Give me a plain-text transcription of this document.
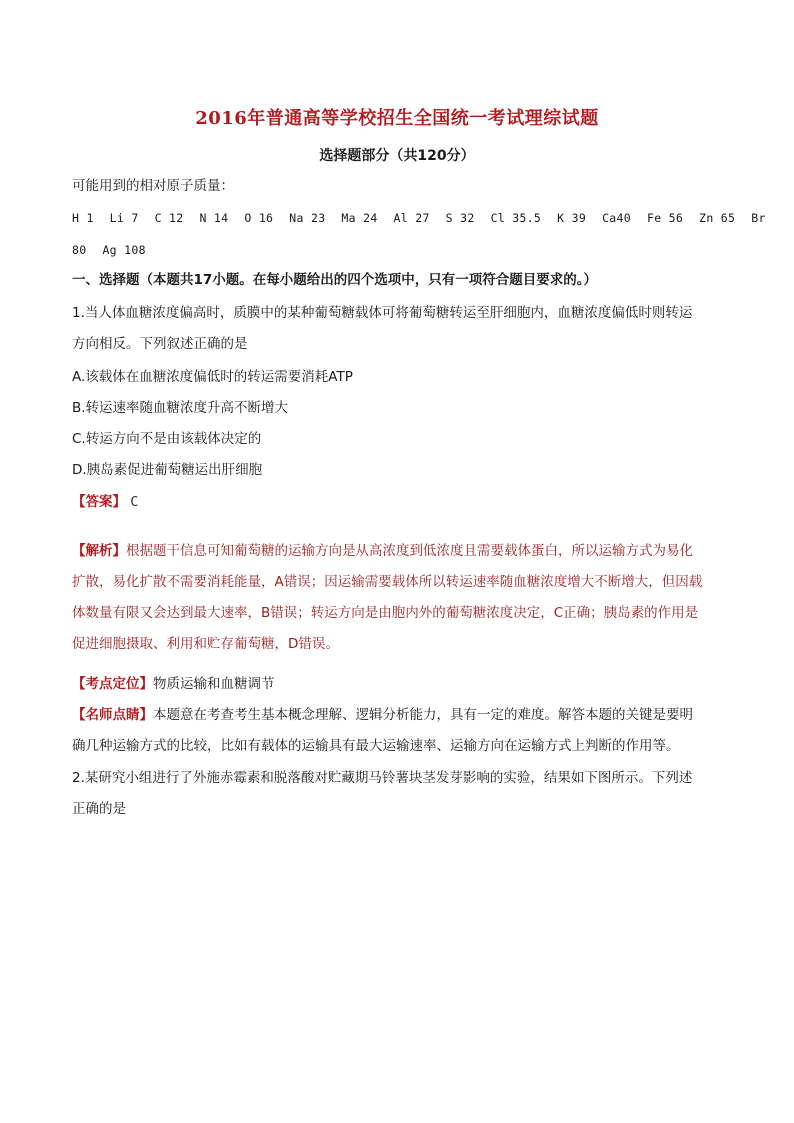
2016年普通高等学校招生全国统一考试理综试题
选择题部分（共120分）
可能用到的相对原子质量：
H 1 Li 7 C 12 N 14 O 16 Na 23 Ma 24 Al 27 S 32 Cl 35.5 K 39 Ca40 Fe 56 Zn 65 Br
80 Ag 108
一、选择题（本题共17小题。在每小题给出的四个选项中，只有一项符合题目要求的。）
1.当人体血糖浓度偏高时，质膜中的某种葡萄糖载体可将葡萄糖转运至肝细胞内，血糖浓度偏低时则转运
方向相反。下列叙述正确的是
A.该载体在血糖浓度偏低时的转运需要消耗ATP
B.转运速率随血糖浓度升高不断增大
C.转运方向不是由该载体决定的
D.胰岛素促进葡萄糖运出肝细胞
【答案】 C
【解析】根据题干信息可知葡萄糖的运输方向是从高浓度到低浓度且需要载体蛋白，所以运输方式为易化
扩散，易化扩散不需要消耗能量，A错误；因运输需要载体所以转运速率随血糖浓度增大不断增大，但因载
体数量有限又会达到最大速率，B错误；转运方向是由胞内外的葡萄糖浓度决定，C正确；胰岛素的作用是
促进细胞摄取、利用和贮存葡萄糖，D错误。
【考点定位】物质运输和血糖调节
【名师点睛】本题意在考查考生基本概念理解、逻辑分析能力，具有一定的难度。解答本题的关键是要明
确几种运输方式的比较，比如有载体的运输具有最大运输速率、运输方向在运输方式上判断的作用等。
2.某研究小组进行了外施赤霉素和脱落酸对贮藏期马铃薯块茎发芽影响的实验，结果如下图所示。下列述
正确的是
